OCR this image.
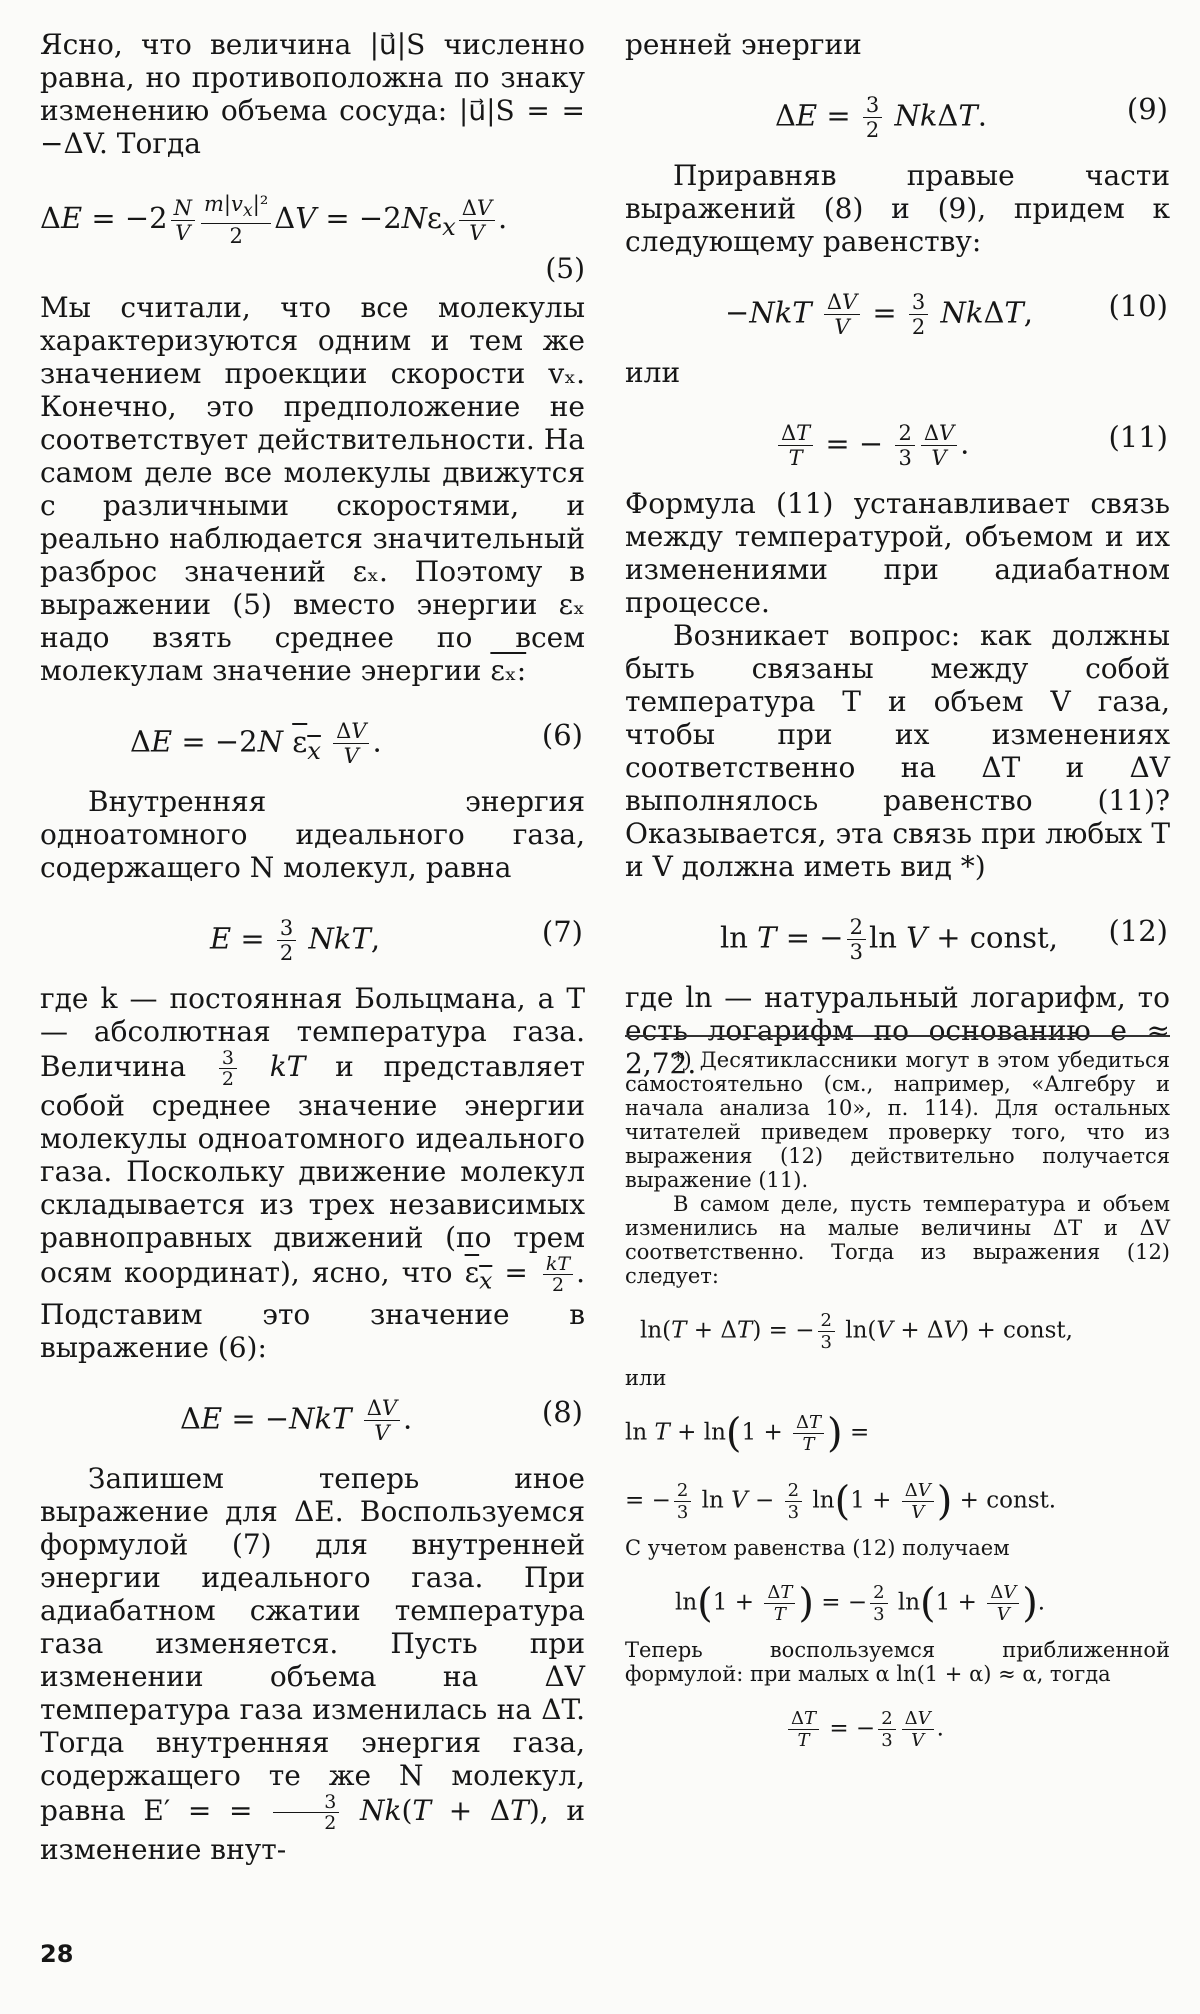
Ясно, что величина |u⃗|S численно равна, но противоположна по знаку изменению объема сосуда: |u⃗|S = = −ΔV. Тогда

$\Delta E = -2 \frac{N}{V} \frac{m|v_x|^2}{2}$ $\Delta V = -2N\varepsilon_x \frac{\Delta V}{V}$ .
(5)

Мы считали, что все молекулы характеризуются одним и тем же значением проекции скорости vₓ. Конечно, это предположение не соответствует действительности. На самом деле все молекулы движутся с различными скоростями, и реально наблюдается значительный разброс значений εₓ. Поэтому в выражении (5) вместо энергии εₓ надо взять среднее по всем молекулам значение энергии εₓ:

ΔE = −2N $\varepsilon_x \frac{\Delta V}{V}$ .	(6)

Внутренняя энергия одноатомного идеального газа, содержащего N молекул, равна

$E = \frac{3}{2}$ NkT,	(7)

где k — постоянная Больцмана, а T — абсолютная температура газа. Величина $\frac{3}{2}$ kT и представляет собой среднее значение энергии молекулы одноатомного идеального газа. Поскольку движение молекул складывается из трех независимых равноправных движений (по трем осям координат), ясно, что $\varepsilon_x = \frac{kT}{2}$ . Подставим это значение в выражение (6):

$\Delta E = -NkT \frac{\Delta V}{V}$ .	(8)

Запишем теперь иное выражение для ΔE. Воспользуемся формулой (7) для внутренней энергии идеального газа. При адиабатном сжатии температура газа изменяется. Пусть при изменении объема на ΔV температура газа изменилась на ΔT. Тогда внутренняя энергия газа, содержащего те же N молекул, равна E′ = = $\frac{3}{2} Nk(T + \Delta T)$, и изменение внут-

ренней энергии

$\Delta E = \frac{3}{2} Nk\Delta T$.	(9)

Приравняв правые части выражений (8) и (9), придем к следующему равенству:

$-NkT \frac{\Delta V}{V} = \frac{3}{2} Nk\Delta T$,	(10)

или

$\frac{\Delta T}{T}$ = − $\frac{2}{3} \frac{\Delta V}{V}$ .	(11)

Формула (11) устанавливает связь между температурой, объемом и их изменениями при адиабатном процессе.

Возникает вопрос: как должны быть связаны между собой температура T и объем V газа, чтобы при их изменениях соответственно на ΔT и ΔV выполнялось равенство (11)? Оказывается, эта связь при любых T и V должна иметь вид *)

ln T = − $\frac{2}{3}$ ln V + const, (12)

где ln — натуральный логарифм, то есть логарифм по основанию e ≈ 2,72.

*) Десятиклассники могут в этом убедиться самостоятельно (см., например, «Алгебру и начала анализа 10», п. 114). Для остальных читателей приведем проверку того, что из выражения (12) действительно получается выражение (11).

В самом деле, пусть температура и объем изменились на малые величины ΔT и ΔV соответственно. Тогда из выражения (12) следует:

ln(T + ΔT) = − $\frac{2}{3} \ln(V + \Delta V)$ + const,

или

$\ln T + \ln(1 + \frac{\Delta T}{T}$ ) =
= − $\frac{2}{3}$ $\ln V - \frac{2}{3} \ln(1 + \frac{\Delta V}{V}$ ) + const.

С учетом равенства (12) получаем

$\ln(1 + \frac{\Delta T}{T}$ ) = − $\frac{2}{3} \ln(1 + \frac{\Delta V}{V}$ ).

Теперь воспользуемся приближенной формулой: при малых α ln(1 + α) ≈ α, тогда

$\frac{\Delta T}{T}$ = − $\frac{2}{3} \frac{\Delta V}{V}$ .
28
